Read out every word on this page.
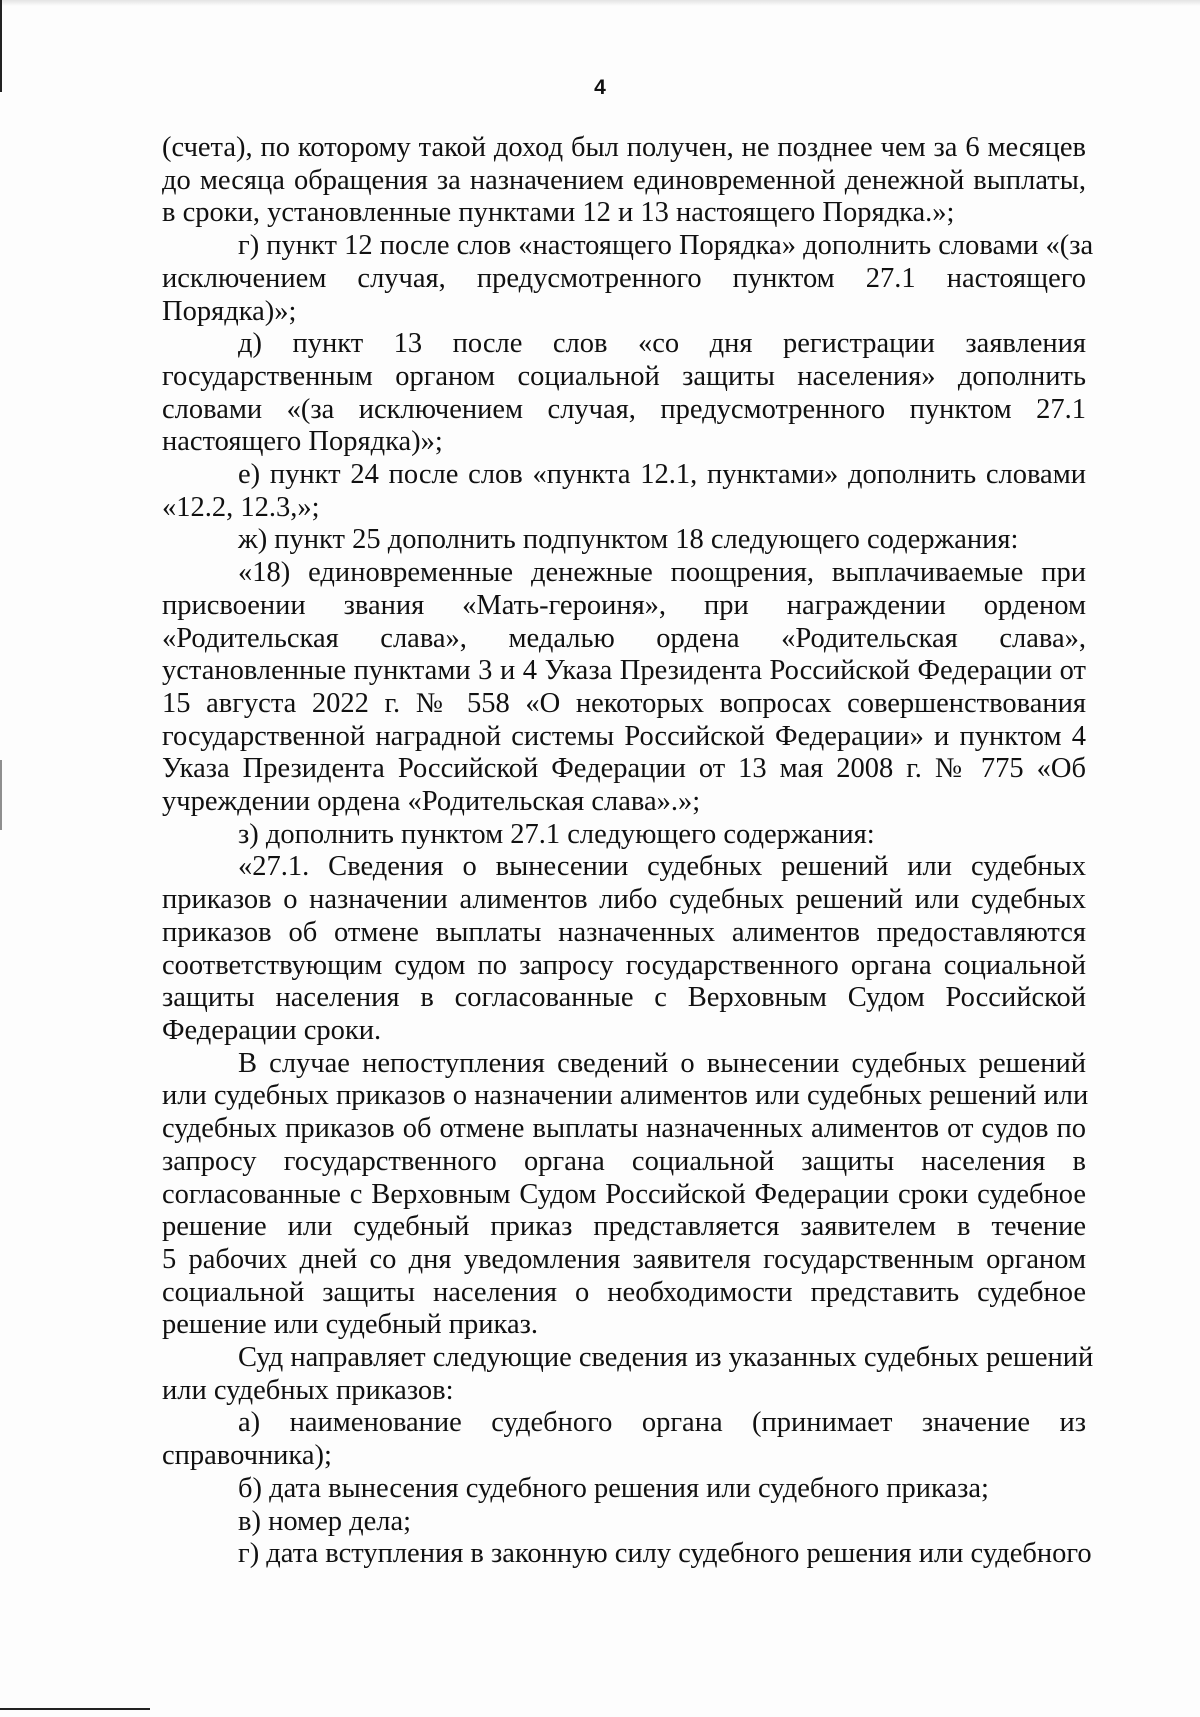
4
(счета), по которому такой доход был получен, не позднее чем за 6 месяцев
до месяца обращения за назначением единовременной денежной выплаты,
в сроки, установленные пунктами 12 и 13 настоящего Порядка.»;
г) пункт 12 после слов «настоящего Порядка» дополнить словами «(за
исключением случая, предусмотренного пунктом 27.1 настоящего
Порядка)»;
д) пункт 13 после слов «со дня регистрации заявления
государственным органом социальной защиты населения» дополнить
словами «(за исключением случая, предусмотренного пунктом 27.1
настоящего Порядка)»;
е) пункт 24 после слов «пункта 12.1, пунктами» дополнить словами
«12.2, 12.3,»;
ж) пункт 25 дополнить подпунктом 18 следующего содержания:
«18) единовременные денежные поощрения, выплачиваемые при
присвоении звания «Мать-героиня», при награждении орденом
«Родительская слава», медалью ордена «Родительская слава»,
установленные пунктами 3 и 4 Указа Президента Российской Федерации от
15 августа 2022 г. № 558 «О некоторых вопросах совершенствования
государственной наградной системы Российской Федерации» и пунктом 4
Указа Президента Российской Федерации от 13 мая 2008 г. № 775 «Об
учреждении ордена «Родительская слава».»;
з) дополнить пунктом 27.1 следующего содержания:
«27.1. Сведения о вынесении судебных решений или судебных
приказов о назначении алиментов либо судебных решений или судебных
приказов об отмене выплаты назначенных алиментов предоставляются
соответствующим судом по запросу государственного органа социальной
защиты населения в согласованные с Верховным Судом Российской
Федерации сроки.
В случае непоступления сведений о вынесении судебных решений
или судебных приказов о назначении алиментов или судебных решений или
судебных приказов об отмене выплаты назначенных алиментов от судов по
запросу государственного органа социальной защиты населения в
согласованные с Верховным Судом Российской Федерации сроки судебное
решение или судебный приказ представляется заявителем в течение
5 рабочих дней со дня уведомления заявителя государственным органом
социальной защиты населения о необходимости представить судебное
решение или судебный приказ.
Суд направляет следующие сведения из указанных судебных решений
или судебных приказов:
а) наименование судебного органа (принимает значение из
справочника);
б) дата вынесения судебного решения или судебного приказа;
в) номер дела;
г) дата вступления в законную силу судебного решения или судебного
